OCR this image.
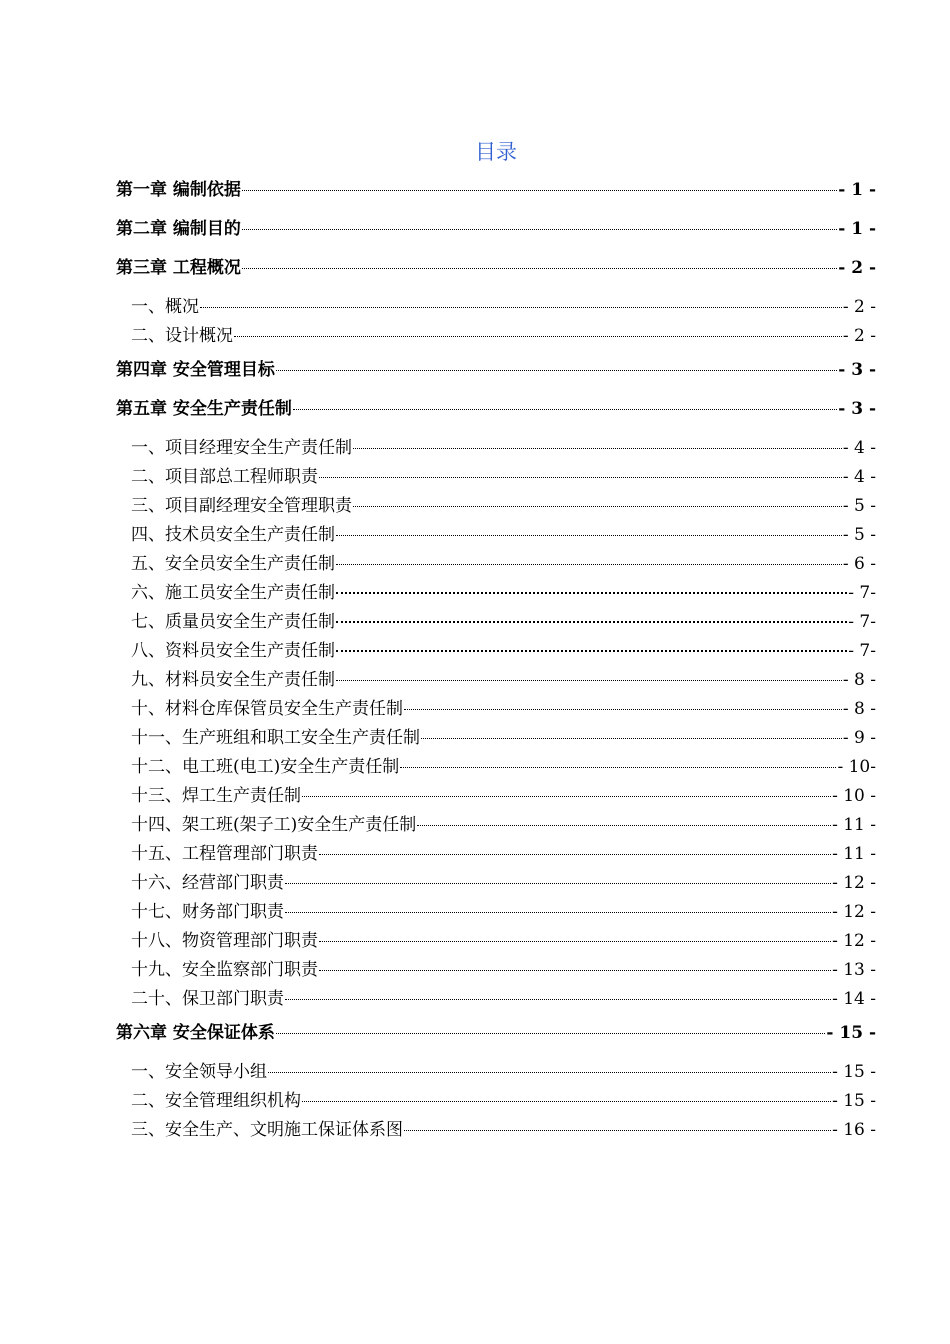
目录
第一章 编制依据	- 1 -
第二章 编制目的	- 1 -
第三章 工程概况	- 2 -
一、概况	- 2 -
二、设计概况	- 2 -
第四章 安全管理目标	- 3 -
第五章 安全生产责任制	- 3 -
一、项目经理安全生产责任制	- 4 -
二、项目部总工程师职责	- 4 -
三、项目副经理安全管理职责	- 5 -
四、技术员安全生产责任制	- 5 -
五、安全员安全生产责任制	- 6 -
六、施工员安全生产责任制	- 7-
七、质量员安全生产责任制	- 7-
八、资料员安全生产责任制	- 7-
九、材料员安全生产责任制	- 8 -
十、材料仓库保管员安全生产责任制	- 8 -
十一、生产班组和职工安全生产责任制	- 9 -
十二、电工班(电工)安全生产责任制	- 10-
十三、焊工生产责任制	- 10 -
十四、架工班(架子工)安全生产责任制	- 11 -
十五、工程管理部门职责	- 11 -
十六、经营部门职责	- 12 -
十七、财务部门职责	- 12 -
十八、物资管理部门职责	- 12 -
十九、安全监察部门职责	- 13 -
二十、保卫部门职责	- 14 -
第六章 安全保证体系	- 15 -
一、安全领导小组	- 15 -
二、安全管理组织机构	- 15 -
三、安全生产、文明施工保证体系图	- 16 -
